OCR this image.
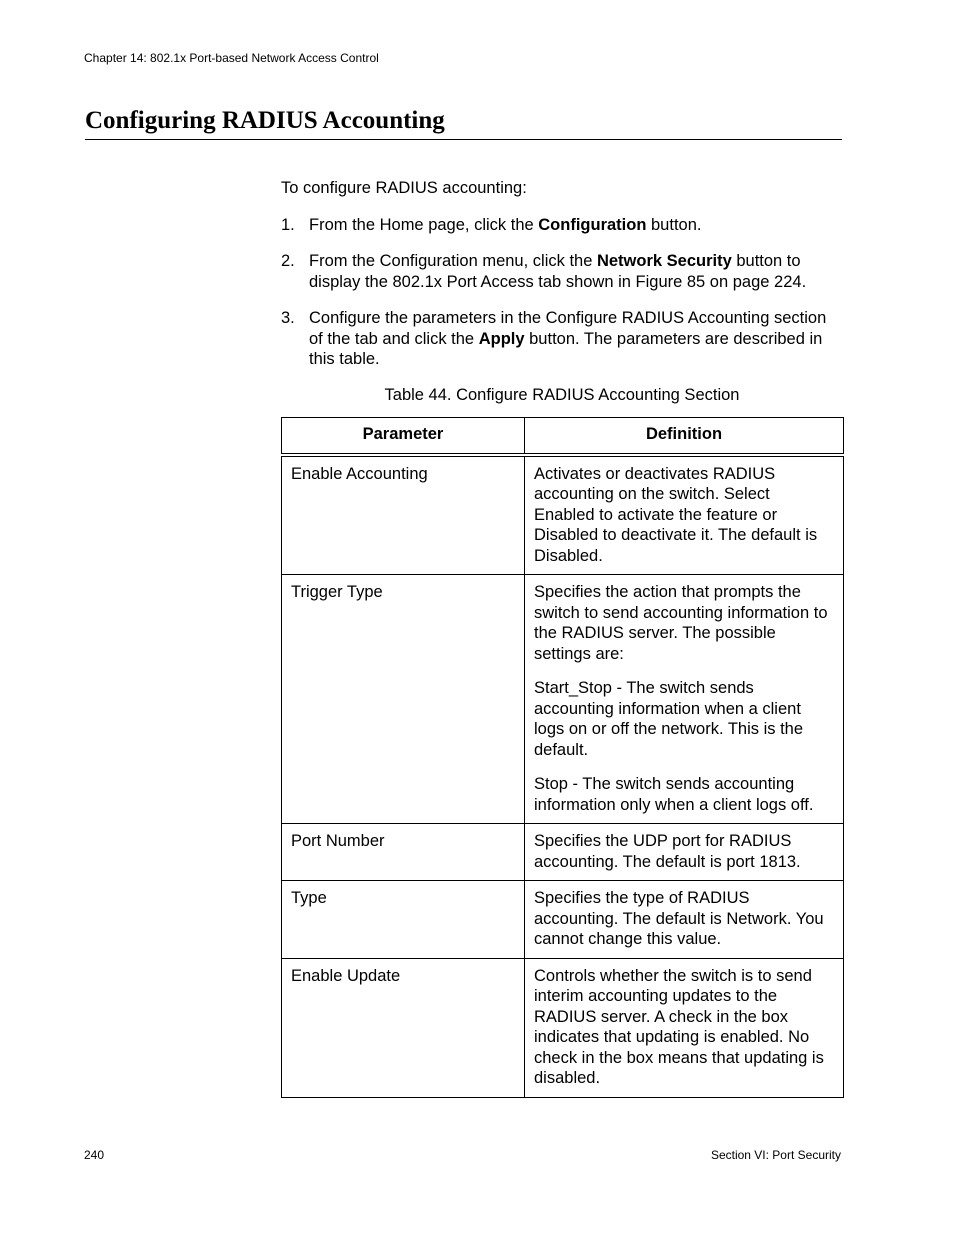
Chapter 14: 802.1x Port-based Network Access Control
Configuring RADIUS Accounting

To configure RADIUS accounting:

1. From the Home page, click the Configuration button.
2. From the Configuration menu, click the Network Security button to display the 802.1x Port Access tab shown in Figure 85 on page 224.
3. Configure the parameters in the Configure RADIUS Accounting section of the tab and click the Apply button. The parameters are described in this table.
Table 44. Configure RADIUS Accounting Section
Parameter	Definition
Enable Accounting	Activates or deactivates RADIUS accounting on the switch. Select Enabled to activate the feature or Disabled to deactivate it. The default is Disabled.

Trigger Type	Specifies the action that prompts the switch to send accounting information to the RADIUS server. The possible settings are:

Start_Stop - The switch sends accounting information when a client logs on or off the network. This is the default.

Stop - The switch sends accounting information only when a client logs off.

Port Number	Specifies the UDP port for RADIUS accounting. The default is port 1813.

Type	Specifies the type of RADIUS accounting. The default is Network. You cannot change this value.

Enable Update	Controls whether the switch is to send interim accounting updates to the RADIUS server. A check in the box indicates that updating is enabled. No check in the box means that updating is disabled.

240	Section VI: Port Security
